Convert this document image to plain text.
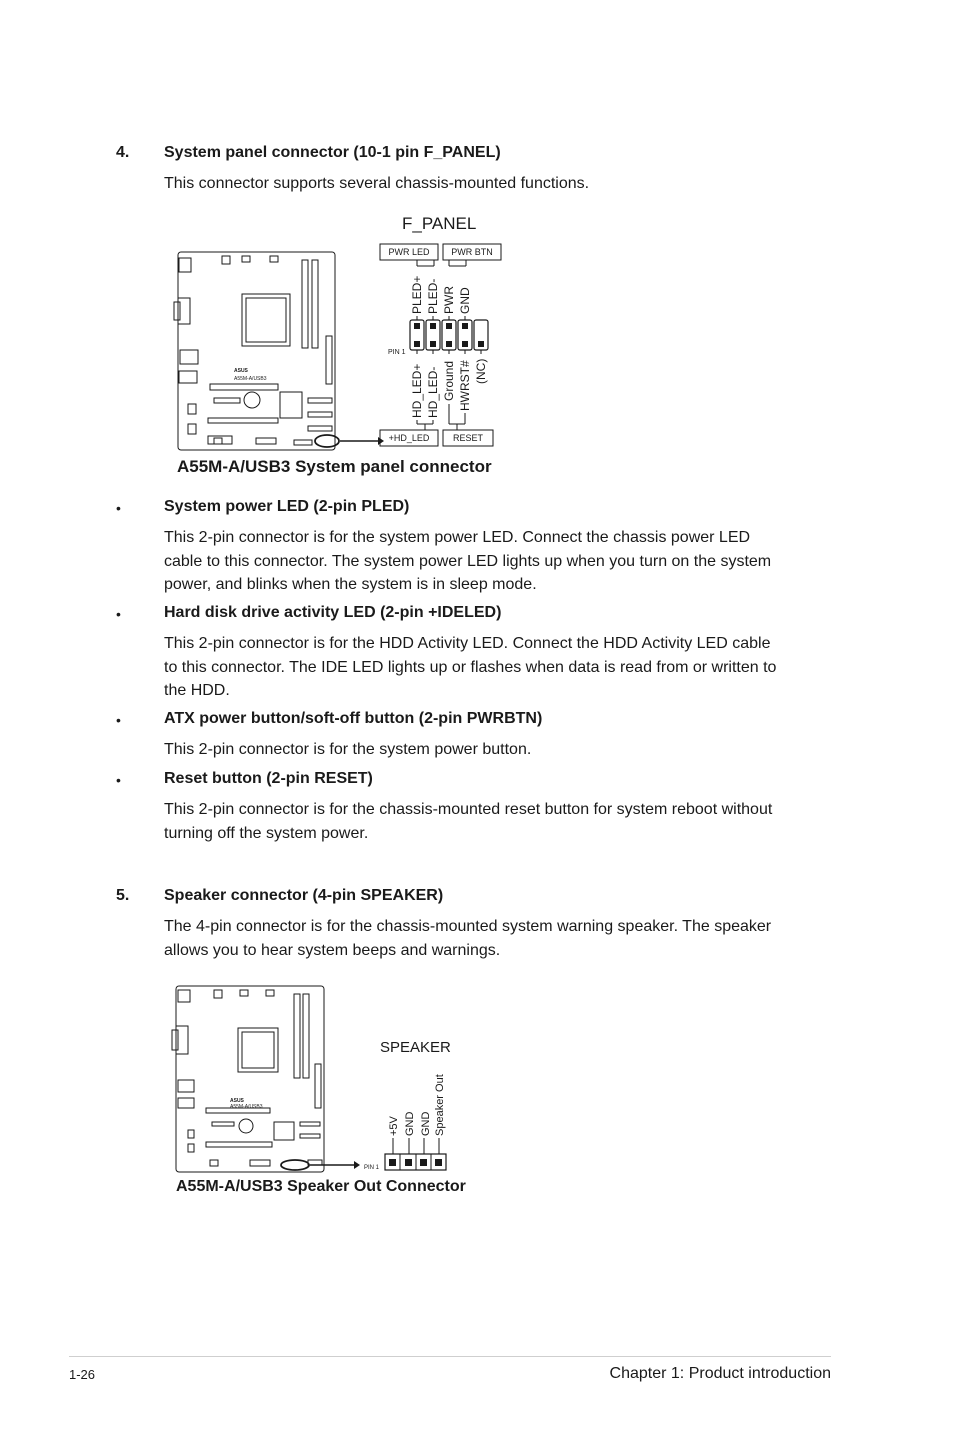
4. System panel connector (10-1 pin F_PANEL)
This connector supports several chassis-mounted functions.
ASUS
A55M-A/USB3
F_PANEL
PWR LED PWR BTN
PLED+ PLED- PWR GND
PIN 1
HD_LED+ HD_LED- Ground HWRST# (NC)
+HD_LED	RESET
A55M-A/USB3 System panel connector
•	System power LED (2-pin PLED)
This 2-pin connector is for the system power LED. Connect the chassis power LED
cable to this connector. The system power LED lights up when you turn on the system
power, and blinks when the system is in sleep mode.
•	Hard disk drive activity LED (2-pin +IDELED)
This 2-pin connector is for the HDD Activity LED. Connect the HDD Activity LED cable
to this connector. The IDE LED lights up or flashes when data is read from or written to
the HDD.
•	ATX power button/soft-off button (2-pin PWRBTN)
This 2-pin connector is for the system power button.
•	Reset button (2-pin RESET)
This 2-pin connector is for the chassis-mounted reset button for system reboot without
turning off the system power.
5. Speaker connector (4-pin SPEAKER)
The 4-pin connector is for the chassis-mounted system warning speaker. The speaker
allows you to hear system beeps and warnings.
ASUS
A55M-A/USB3
SPEAKER
+5V GND GND Speaker Out
PIN 1
A55M-A/USB3 Speaker Out Connector
1-26	Chapter 1: Product introduction
